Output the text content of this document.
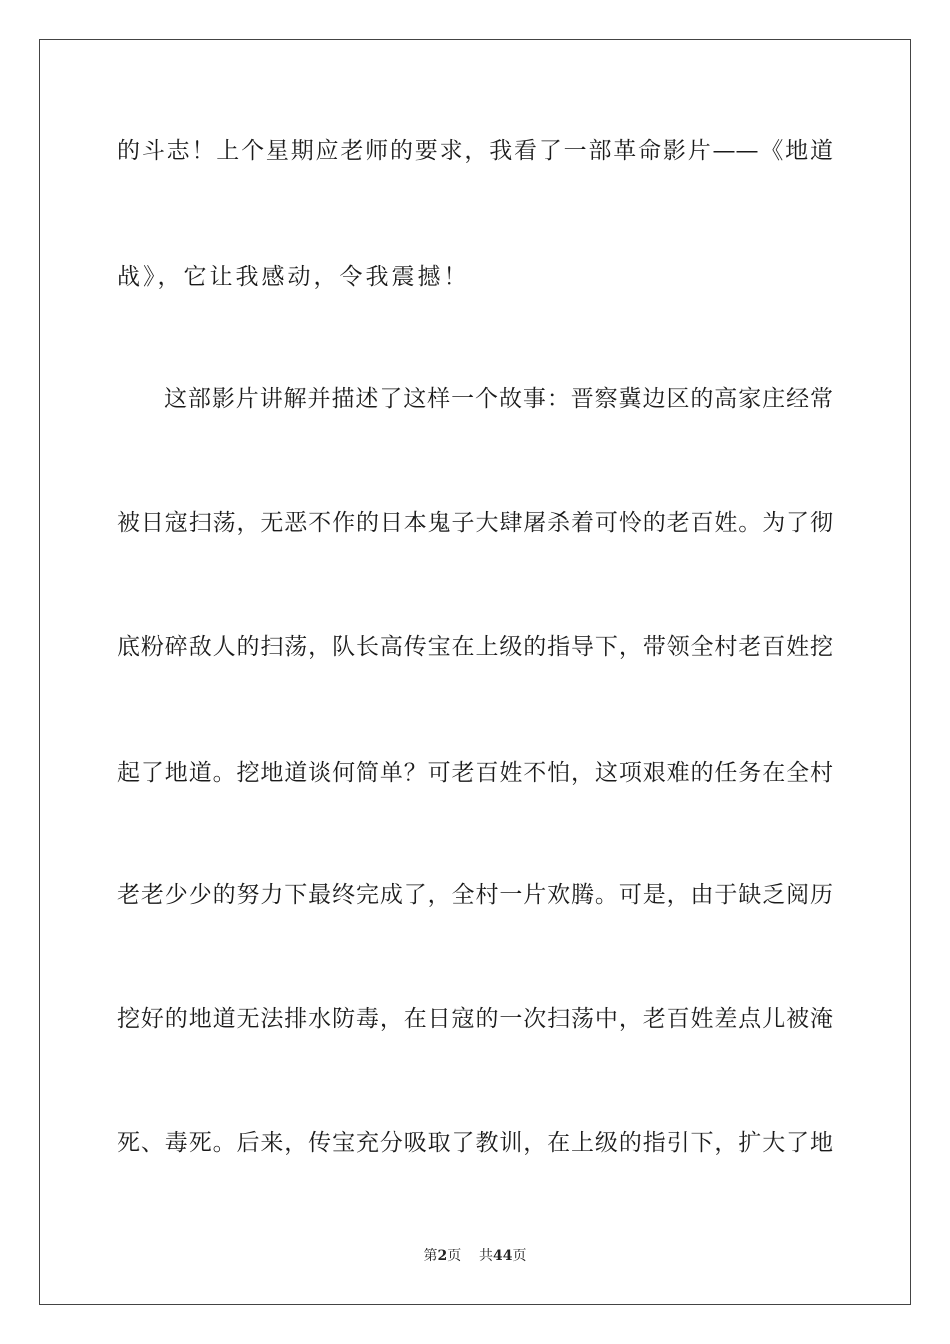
的斗志！上个星期应老师的要求，我看了一部革命影片——《地道
战》，它让我感动，令我震撼！
这部影片讲解并描述了这样一个故事：晋察冀边区的高家庄经常
被日寇扫荡，无恶不作的日本鬼子大肆屠杀着可怜的老百姓。为了彻
底粉碎敌人的扫荡，队长高传宝在上级的指导下，带领全村老百姓挖
起了地道。挖地道谈何简单？可老百姓不怕，这项艰难的任务在全村
老老少少的努力下最终完成了，全村一片欢腾。可是，由于缺乏阅历
挖好的地道无法排水防毒，在日寇的一次扫荡中，老百姓差点儿被淹
死、毒死。后来，传宝充分吸取了教训，在上级的指引下，扩大了地
第2页 共44页
